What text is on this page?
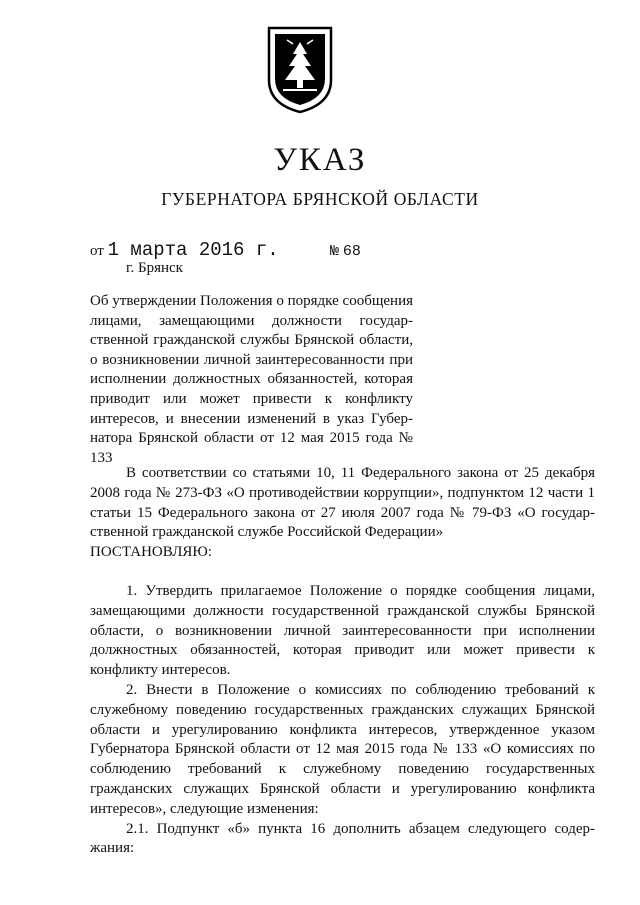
УКАЗ
ГУБЕРНАТОРА БРЯНСКОЙ ОБЛАСТИ
от 1 марта 2016 г.	№ 68
г. Брянск
Об утверждении Положения о порядке сообщения лицами, замещающими должности государственной гражданской службы Брянской области, о возникновении личной заинтересованности при исполнении должностных обязанностей, которая приводит или может привести к конфликту интересов, и внесении изменений в указ Губернатора Брянской области от 12 мая 2015 года № 133

В соответствии со статьями 10, 11 Федерального закона от 25 декабря 2008 года № 273-ФЗ «О противодействии коррупции», подпунктом 12 части 1 статьи 15 Федерального закона от 27 июля 2007 года № 79-ФЗ «О государственной гражданской службе Российской Федерации»

ПОСТАНОВЛЯЮ:

1. Утвердить прилагаемое Положение о порядке сообщения лицами, замещающими должности государственной гражданской службы Брянской области, о возникновении личной заинтересованности при исполнении должностных обязанностей, которая приводит или может привести к конфликту интересов.

2. Внести в Положение о комиссиях по соблюдению требований к служебному поведению государственных гражданских служащих Брянской области и урегулированию конфликта интересов, утвержденное указом Губернатора Брянской области от 12 мая 2015 года № 133 «О комиссиях по соблюдению требований к служебному поведению государственных гражданских служащих Брянской области и урегулированию конфликта интересов», следующие изменения:

2.1. Подпункт «б» пункта 16 дополнить абзацем следующего содержания:
